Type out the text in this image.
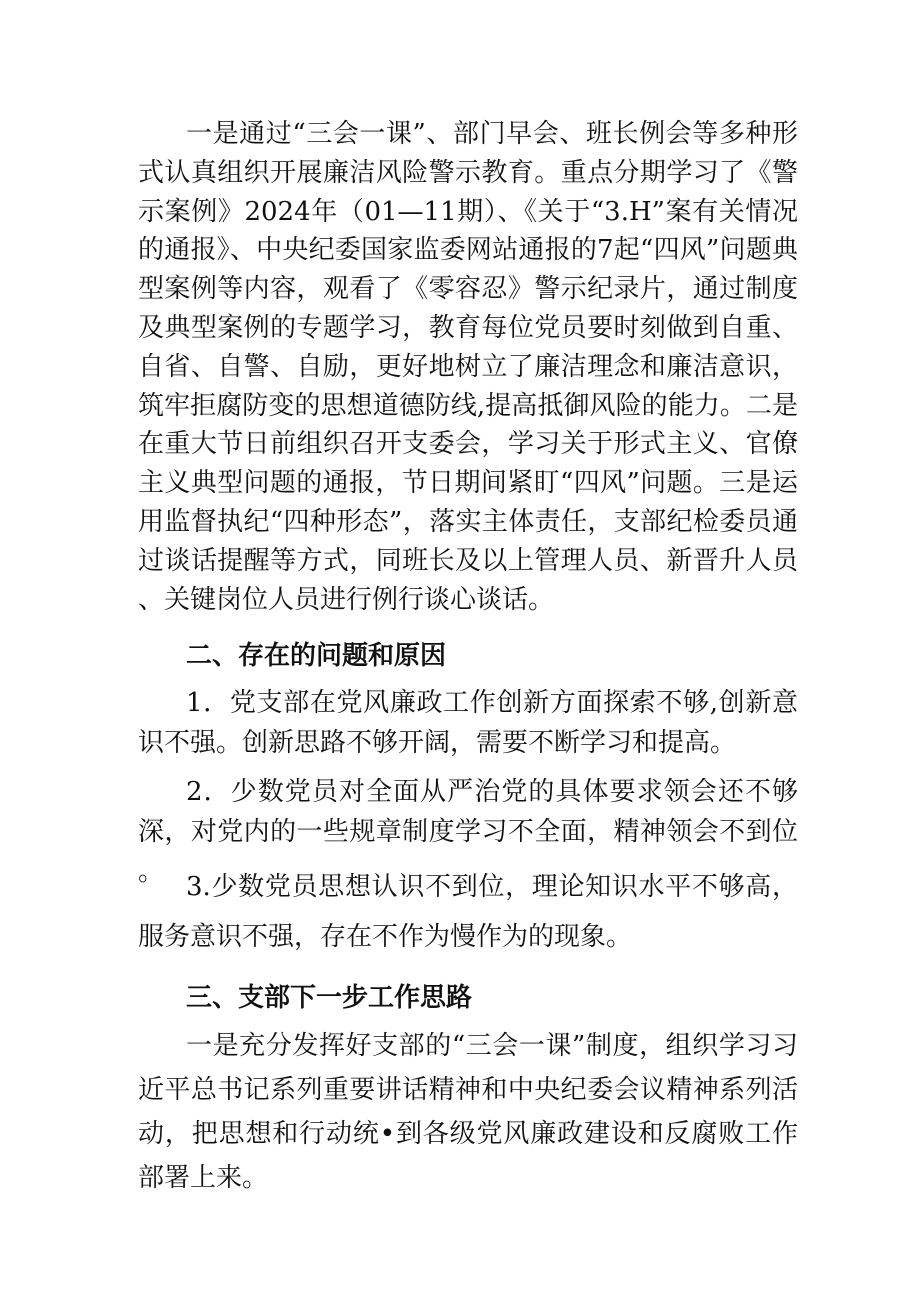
一是通过“三会一课”、部门早会、班长例会等多种形式认真组织开展廉洁风险警示教育。重点分期学习了《警示案例》2024年（01—11期）、《关于“3.H”案有关情况的通报》、中央纪委国家监委网站通报的7起“四风”问题典型案例等内容，观看了《零容忍》警示纪录片，通过制度及典型案例的专题学习，教育每位党员要时刻做到自重、自省、自警、自励，更好地树立了廉洁理念和廉洁意识，筑牢拒腐防变的思想道德防线,提高抵御风险的能力。二是在重大节日前组织召开支委会，学习关于形式主义、官僚主义典型问题的通报，节日期间紧盯“四风”问题。三是运用监督执纪“四种形态”，落实主体责任，支部纪检委员通过谈话提醒等方式，同班长及以上管理人员、新晋升人员、关键岗位人员进行例行谈心谈话。

二、存在的问题和原因

1．党支部在党风廉政工作创新方面探索不够,创新意识不强。创新思路不够开阔，需要不断学习和提高。

2．少数党员对全面从严治党的具体要求领会还不够深，对党内的一些规章制度学习不全面，精神领会不到位。 3.少数党员思想认识不到位，理论知识水平不够高，服务意识不强，存在不作为慢作为的现象。

三、支部下一步工作思路

一是充分发挥好支部的“三会一课”制度，组织学习习近平总书记系列重要讲话精神和中央纪委会议精神系列活动，把思想和行动统•到各级党风廉政建设和反腐败工作部署上来。
